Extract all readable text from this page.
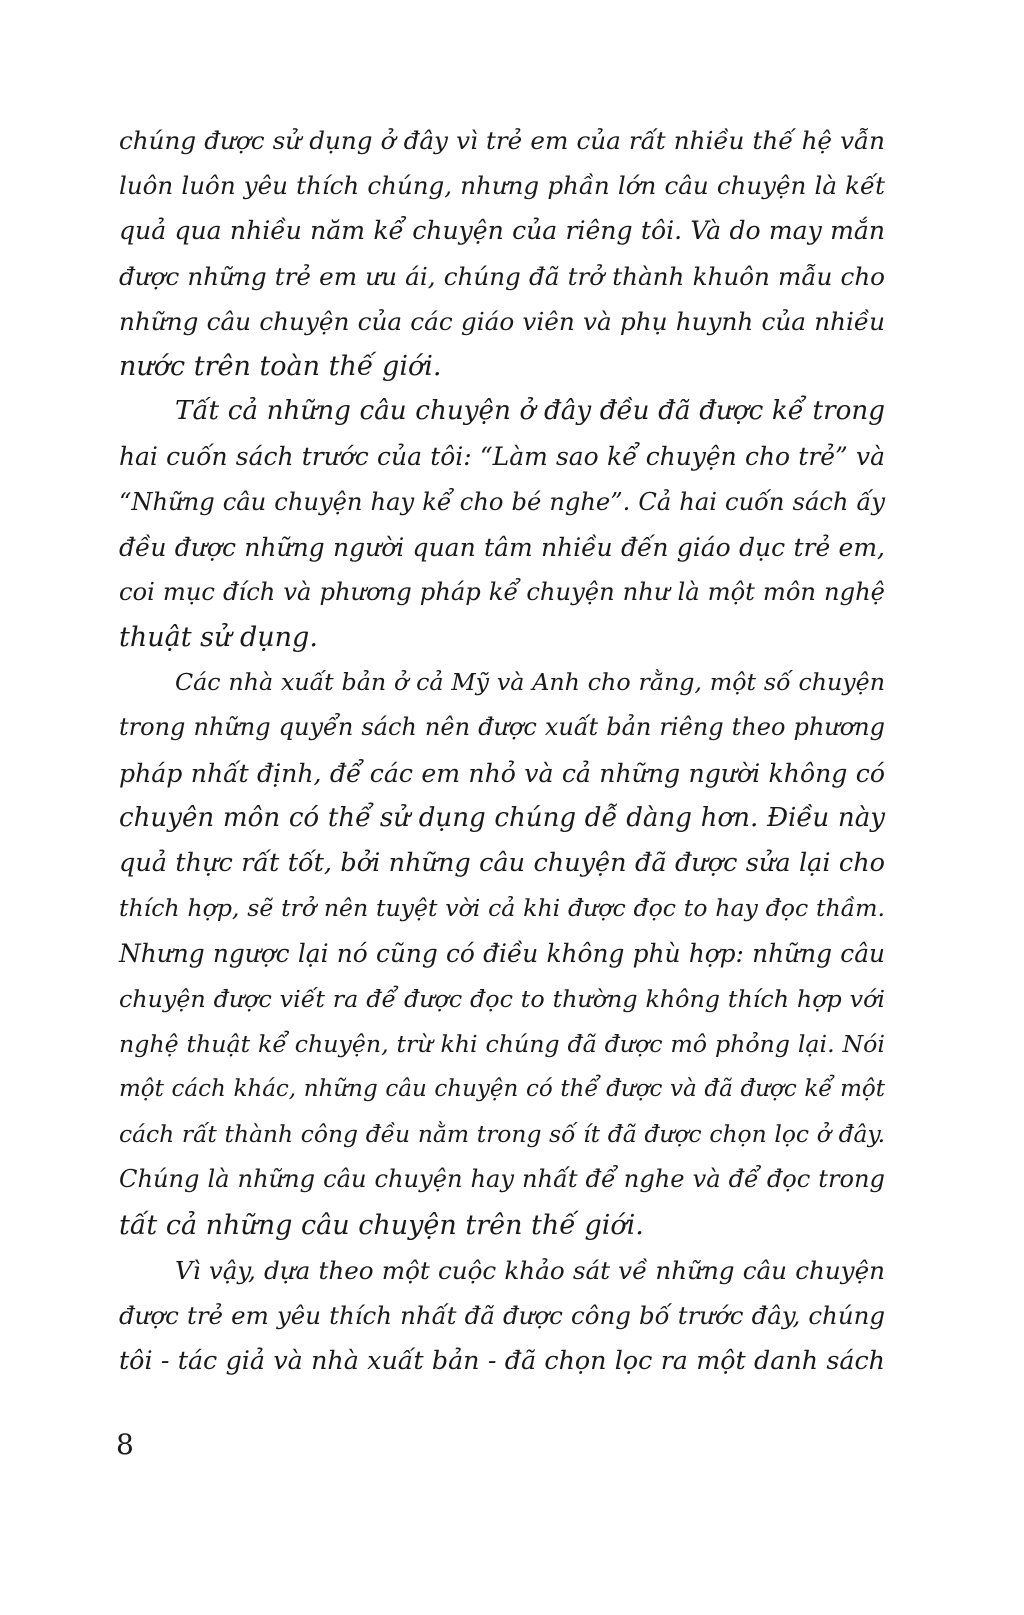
chúng được sử dụng ở đây vì trẻ em của rất nhiều thế hệ vẫn
luôn luôn yêu thích chúng, nhưng phần lớn câu chuyện là kết
quả qua nhiều năm kể chuyện của riêng tôi. Và do may mắn
được những trẻ em ưu ái, chúng đã trở thành khuôn mẫu cho
những câu chuyện của các giáo viên và phụ huynh của nhiều
nước trên toàn thế giới.
Tất cả những câu chuyện ở đây đều đã được kể trong
hai cuốn sách trước của tôi: “Làm sao kể chuyện cho trẻ” và
“Những câu chuyện hay kể cho bé nghe”. Cả hai cuốn sách ấy
đều được những người quan tâm nhiều đến giáo dục trẻ em,
coi mục đích và phương pháp kể chuyện như là một môn nghệ
thuật sử dụng.
Các nhà xuất bản ở cả Mỹ và Anh cho rằng, một số chuyện
trong những quyển sách nên được xuất bản riêng theo phương
pháp nhất định, để các em nhỏ và cả những người không có
chuyên môn có thể sử dụng chúng dễ dàng hơn. Điều này
quả thực rất tốt, bởi những câu chuyện đã được sửa lại cho
thích hợp, sẽ trở nên tuyệt vời cả khi được đọc to hay đọc thầm.
Nhưng ngược lại nó cũng có điều không phù hợp: những câu
chuyện được viết ra để được đọc to thường không thích hợp với
nghệ thuật kể chuyện, trừ khi chúng đã được mô phỏng lại. Nói
một cách khác, những câu chuyện có thể được và đã được kể một
cách rất thành công đều nằm trong số ít đã được chọn lọc ở đây.
Chúng là những câu chuyện hay nhất để nghe và để đọc trong
tất cả những câu chuyện trên thế giới.
Vì vậy, dựa theo một cuộc khảo sát về những câu chuyện
được trẻ em yêu thích nhất đã được công bố trước đây, chúng
tôi - tác giả và nhà xuất bản - đã chọn lọc ra một danh sách
8
